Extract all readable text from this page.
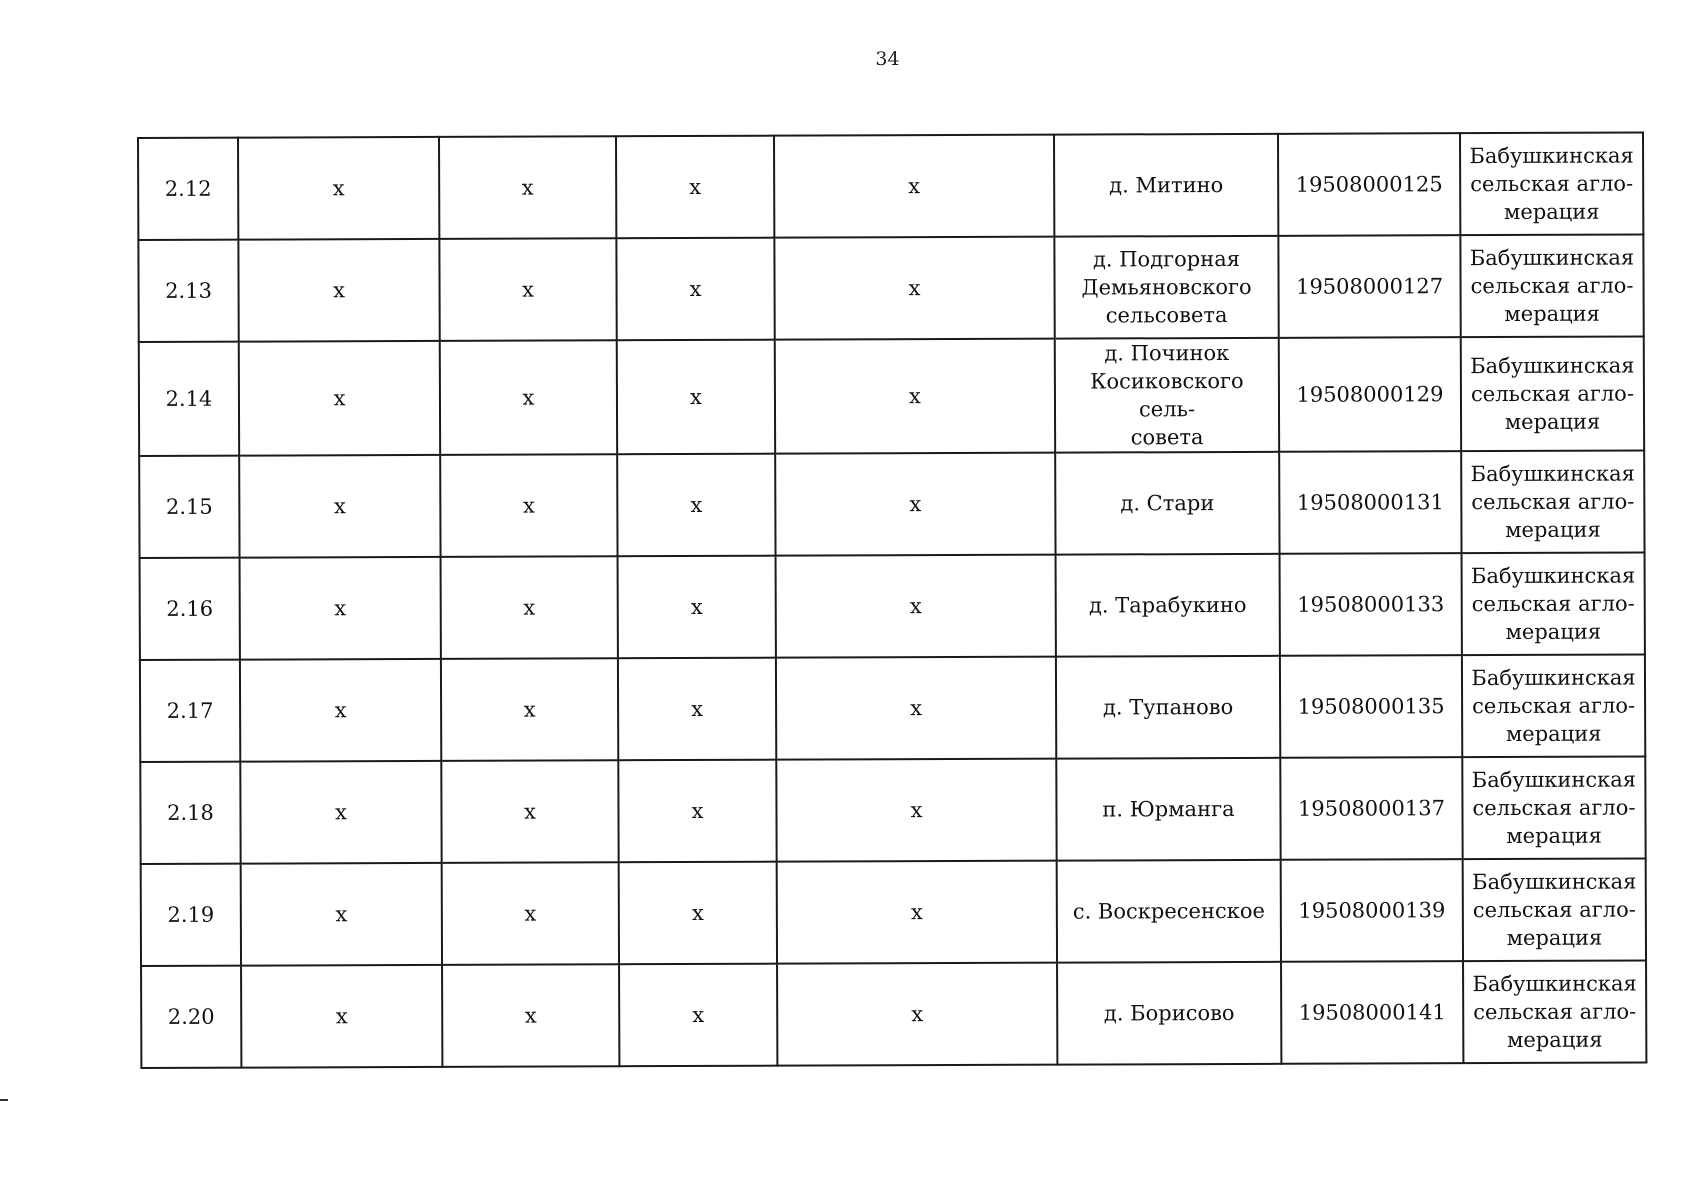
34
2.12	х	х	х	х	д. Митино	19508000125	Бабушкинская
сельская агло-
мерация
2.13	х	х	х	х	д. Подгорная
Демьяновского
сельсовета	19508000127	Бабушкинская
сельская агло-
мерация
2.14	х	х	х	х	д. Починок
Косиковского сель-
совета	19508000129	Бабушкинская
сельская агло-
мерация
2.15	х	х	х	х	д. Стари	19508000131	Бабушкинская
сельская агло-
мерация
2.16	х	х	х	х	д. Тарабукино	19508000133	Бабушкинская
сельская агло-
мерация
2.17	х	х	х	х	д. Тупаново	19508000135	Бабушкинская
сельская агло-
мерация
2.18	х	х	х	х	п. Юрманга	19508000137	Бабушкинская
сельская агло-
мерация
2.19	х	х	х	х	с. Воскресенское	19508000139	Бабушкинская
сельская агло-
мерация
2.20	х	х	х	х	д. Борисово	19508000141	Бабушкинская
сельская агло-
мерация
